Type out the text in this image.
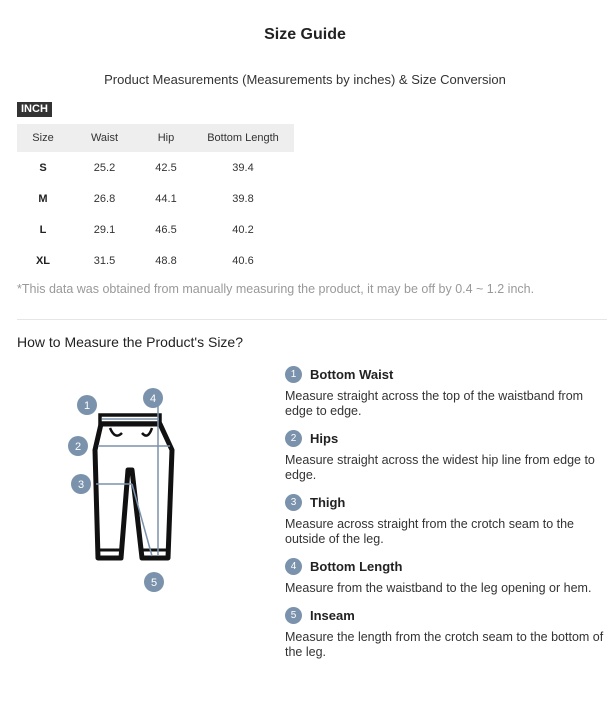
Size Guide
Product Measurements (Measurements by inches) & Size Conversion
INCH
Size	Waist	Hip	Bottom Length
S	25.2	42.5	39.4
M	26.8	44.1	39.8
L	29.1	46.5	40.2
XL	31.5	48.8	40.6
*This data was obtained from manually measuring the product, it may be off by 0.4 ~ 1.2 inch.
How to Measure the Product's Size?
1
4
2
3
5
1	Bottom Waist
Measure straight across the top of the waistband from edge to edge.
2	Hips
Measure straight across the widest hip line from edge to edge.
3	Thigh
Measure across straight from the crotch seam to the outside of the leg.
4	Bottom Length
Measure from the waistband to the leg opening or hem.
5	Inseam
Measure the length from the crotch seam to the bottom of the leg.
